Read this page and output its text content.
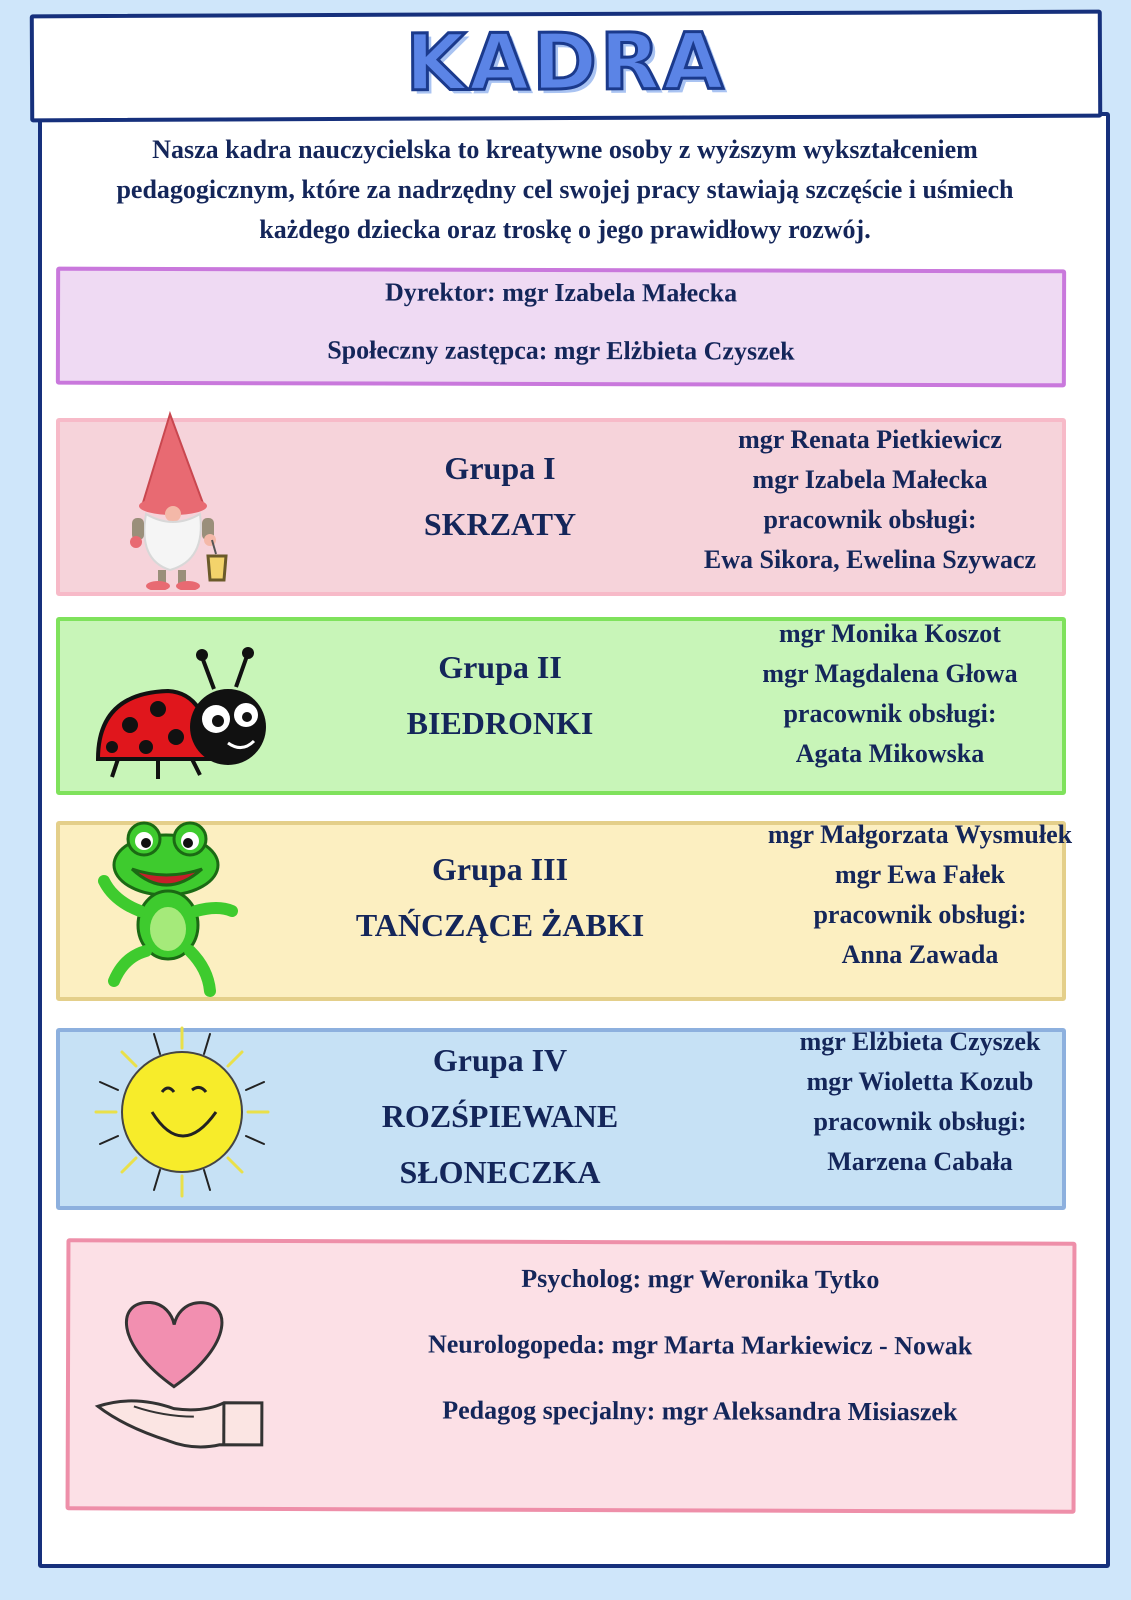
KADRA
Nasza kadra nauczycielska to kreatywne osoby z wyższym wykształceniem
pedagogicznym, które za nadrzędny cel swojej pracy stawiają szczęście i uśmiech
każdego dziecka oraz troskę o jego prawidłowy rozwój.
Dyrektor: mgr Izabela Małecka
Społeczny zastępca: mgr Elżbieta Czyszek
Grupa I
SKRZATY
mgr Renata Pietkiewicz
mgr Izabela Małecka
pracownik obsługi:
Ewa Sikora, Ewelina Szywacz
Grupa II
BIEDRONKI
mgr Monika Koszot
mgr Magdalena Głowa
pracownik obsługi:
Agata Mikowska
Grupa III
TAŃCZĄCE ŻABKI
mgr Małgorzata Wysmułek
mgr Ewa Fałek
pracownik obsługi:
Anna Zawada
Grupa IV
ROZŚPIEWANE
SŁONECZKA
mgr Elżbieta Czyszek
mgr Wioletta Kozub
pracownik obsługi:
Marzena Cabała
Psycholog: mgr Weronika Tytko
Neurologopeda: mgr Marta Markiewicz - Nowak
Pedagog specjalny: mgr Aleksandra Misiaszek
